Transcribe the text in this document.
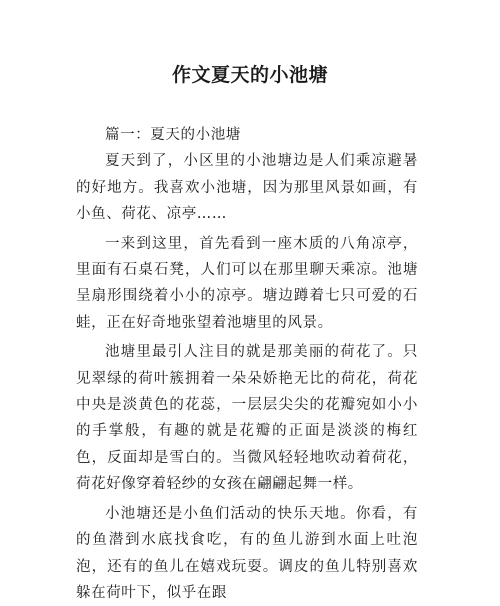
作文夏天的小池塘

篇一：夏天的小池塘

夏天到了，小区里的小池塘边是人们乘凉避暑的好地方。我喜欢小池塘，因为那里风景如画，有小鱼、荷花、凉亭……

一来到这里，首先看到一座木质的八角凉亭，里面有石桌石凳，人们可以在那里聊天乘凉。池塘呈扇形围绕着小小的凉亭。塘边蹲着七只可爱的石蛙，正在好奇地张望着池塘里的风景。

池塘里最引人注目的就是那美丽的荷花了。只见翠绿的荷叶簇拥着一朵朵娇艳无比的荷花，荷花中央是淡黄色的花蕊，一层层尖尖的花瓣宛如小小的手掌般，有趣的就是花瓣的正面是淡淡的梅红色，反面却是雪白的。当微风轻轻地吹动着荷花，荷花好像穿着轻纱的女孩在翩翩起舞一样。

小池塘还是小鱼们活动的快乐天地。你看，有的鱼潜到水底找食吃，有的鱼儿游到水面上吐泡泡，还有的鱼儿在嬉戏玩耍。调皮的鱼儿特别喜欢躲在荷叶下，似乎在跟
